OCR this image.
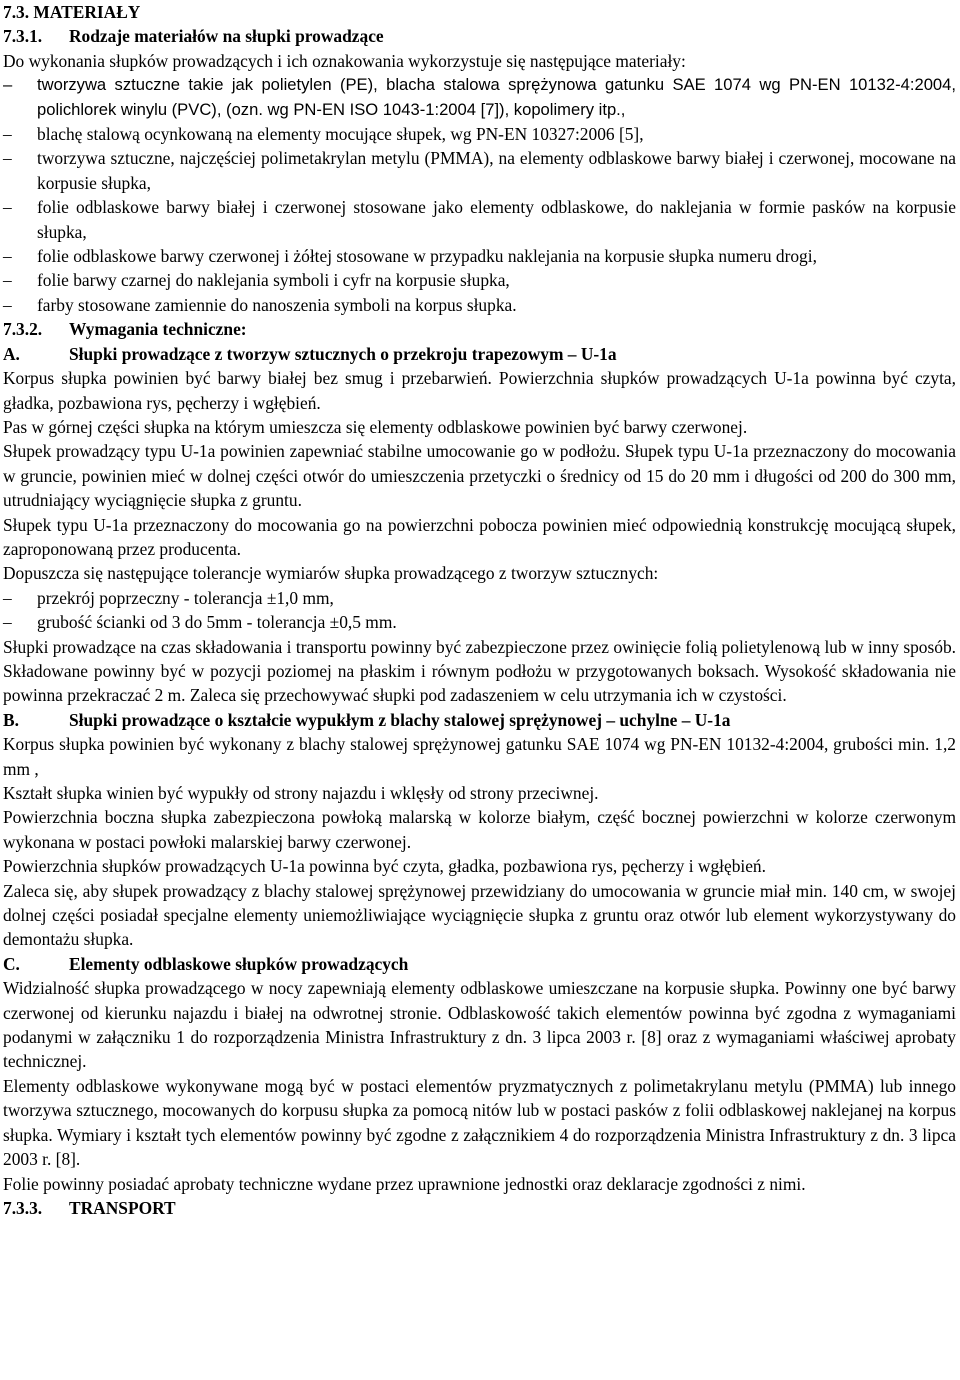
7.3. MATERIAŁY

7.3.1. Rodzaje materiałów na słupki prowadzące

Do wykonania słupków prowadzących i ich oznakowania wykorzystuje się następujące materiały:

– tworzywa sztuczne takie jak polietylen (PE), blacha stalowa sprężynowa gatunku SAE 1074 wg PN-EN 10132-4:2004, polichlorek winylu (PVC), (ozn. wg PN-EN ISO 1043-1:2004 [7]), kopolimery itp.,
– blachę stalową ocynkowaną na elementy mocujące słupek, wg PN-EN 10327:2006 [5],
– tworzywa sztuczne, najczęściej polimetakrylan metylu (PMMA), na elementy odblaskowe barwy białej i czerwonej, mocowane na korpusie słupka,
– folie odblaskowe barwy białej i czerwonej stosowane jako elementy odblaskowe, do naklejania w formie pasków na korpusie słupka,
– folie odblaskowe barwy czerwonej i żółtej stosowane w przypadku naklejania na korpusie słupka numeru drogi,
– folie barwy czarnej do naklejania symboli i cyfr na korpusie słupka,
– farby stosowane zamiennie do nanoszenia symboli na korpus słupka.

7.3.2. Wymagania techniczne:

A.	Słupki prowadzące z tworzyw sztucznych o przekroju trapezowym – U-1a

Korpus słupka powinien być barwy białej bez smug i przebarwień. Powierzchnia słupków prowadzących U-1a powinna być czyta, gładka, pozbawiona rys, pęcherzy i wgłębień.

Pas w górnej części słupka na którym umieszcza się elementy odblaskowe powinien być barwy czerwonej.

Słupek prowadzący typu U-1a powinien zapewniać stabilne umocowanie go w podłożu. Słupek typu U-1a przeznaczony do mocowania w gruncie, powinien mieć w dolnej części otwór do umieszczenia przetyczki o średnicy od 15 do 20 mm i długości od 200 do 300 mm, utrudniający wyciągnięcie słupka z gruntu.

Słupek typu U-1a przeznaczony do mocowania go na powierzchni pobocza powinien mieć odpowiednią konstrukcję mocującą słupek, zaproponowaną przez producenta.

Dopuszcza się następujące tolerancje wymiarów słupka prowadzącego z tworzyw sztucznych:

– przekrój poprzeczny - tolerancja ±1,0 mm,
– grubość ścianki od 3 do 5mm - tolerancja ±0,5 mm.

Słupki prowadzące na czas składowania i transportu powinny być zabezpieczone przez owinięcie folią polietylenową lub w inny sposób. Składowane powinny być w pozycji poziomej na płaskim i równym podłożu w przygotowanych boksach. Wysokość składowania nie powinna przekraczać 2 m. Zaleca się przechowywać słupki pod zadaszeniem w celu utrzymania ich w czystości.

B.	Słupki prowadzące o kształcie wypukłym z blachy stalowej sprężynowej – uchylne – U-1a

Korpus słupka powinien być wykonany z blachy stalowej sprężynowej gatunku SAE 1074 wg PN-EN 10132-4:2004, grubości min. 1,2 mm ,

Kształt słupka winien być wypukły od strony najazdu i wklęsły od strony przeciwnej.

Powierzchnia boczna słupka zabezpieczona powłoką malarską w kolorze białym, część bocznej powierzchni w kolorze czerwonym wykonana w postaci powłoki malarskiej barwy czerwonej.

Powierzchnia słupków prowadzących U-1a powinna być czyta, gładka, pozbawiona rys, pęcherzy i wgłębień.

Zaleca się, aby słupek prowadzący z blachy stalowej sprężynowej przewidziany do umocowania w gruncie miał min. 140 cm, w swojej dolnej części posiadał specjalne elementy uniemożliwiające wyciągnięcie słupka z gruntu oraz otwór lub element wykorzystywany do demontażu słupka.

C.	Elementy odblaskowe słupków prowadzących

Widzialność słupka prowadzącego w nocy zapewniają elementy odblaskowe umieszczane na korpusie słupka. Powinny one być barwy czerwonej od kierunku najazdu i białej na odwrotnej stronie. Odblaskowość takich elementów powinna być zgodna z wymaganiami podanymi w załączniku 1 do rozporządzenia Ministra Infrastruktury z dn. 3 lipca 2003 r. [8] oraz z wymaganiami właściwej aprobaty technicznej.

Elementy odblaskowe wykonywane mogą być w postaci elementów pryzmatycznych z polimetakrylanu metylu (PMMA) lub innego tworzywa sztucznego, mocowanych do korpusu słupka za pomocą nitów lub w postaci pasków z folii odblaskowej naklejanej na korpus słupka. Wymiary i kształt tych elementów powinny być zgodne z załącznikiem 4 do rozporządzenia Ministra Infrastruktury z dn. 3 lipca 2003 r. [8].

Folie powinny posiadać aprobaty techniczne wydane przez uprawnione jednostki oraz deklaracje zgodności z nimi.

7.3.3. TRANSPORT
